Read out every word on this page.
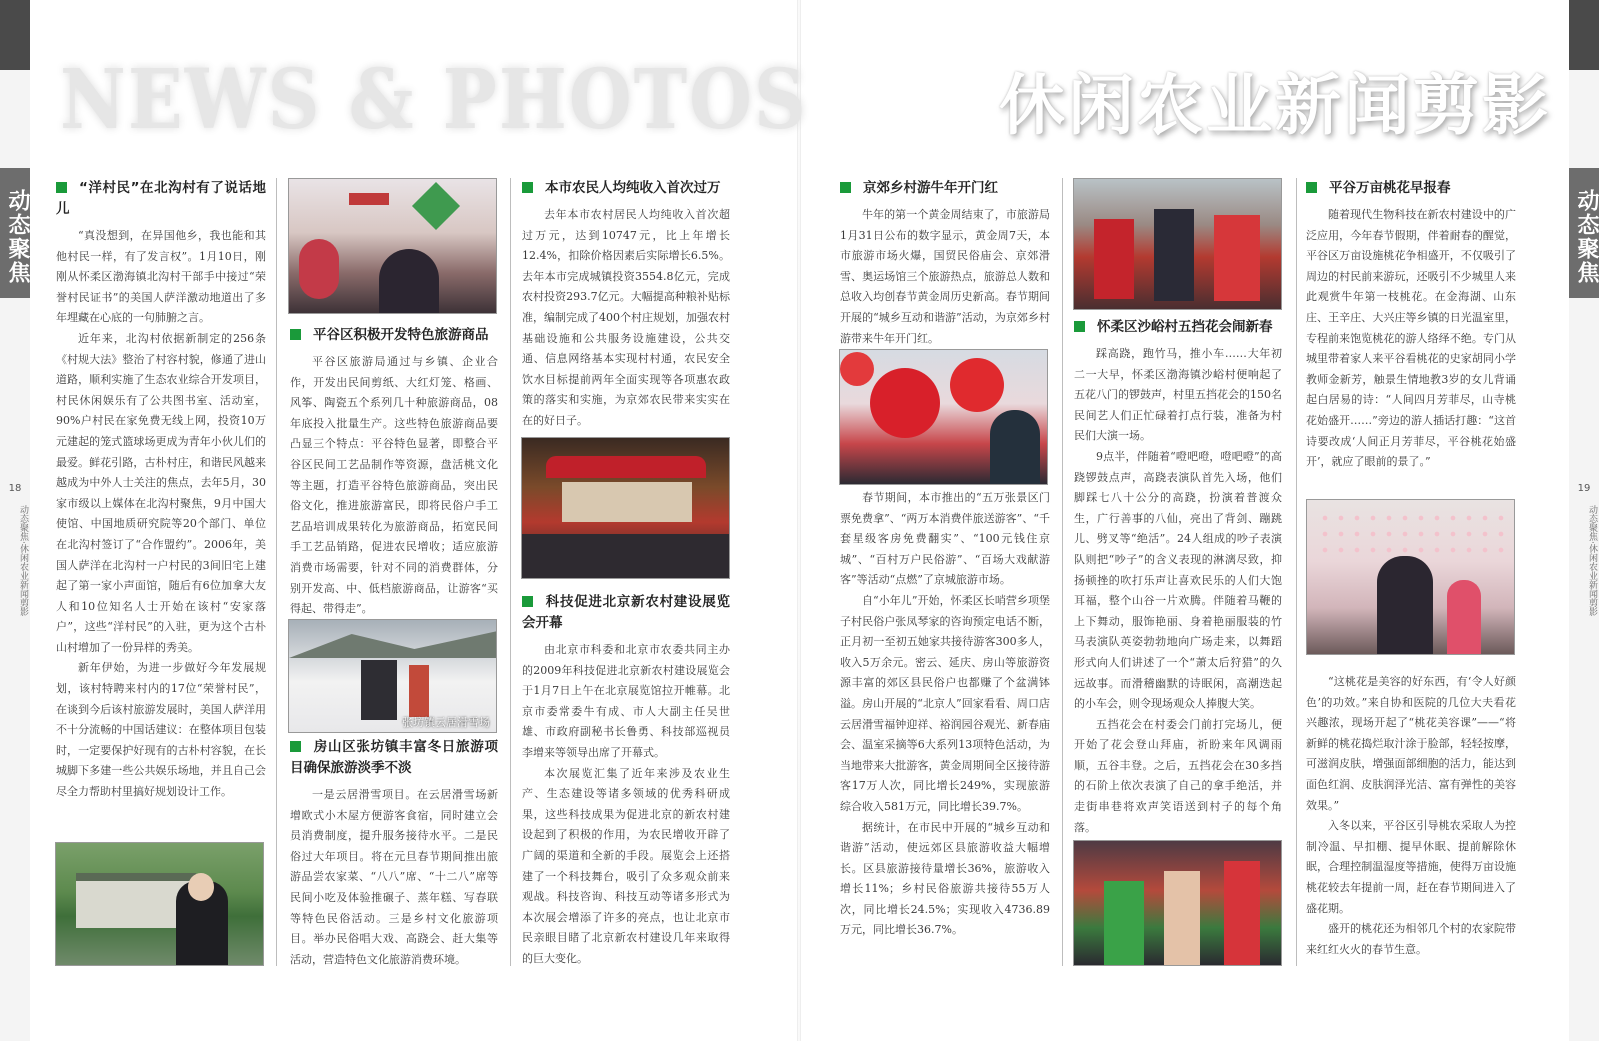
动态聚焦
18
动态聚焦·休闲农业新闻剪影
动态聚焦
19
动态聚焦·休闲农业新闻剪影
NEWS & PHOTOS	休闲农业新闻剪影
“洋村民”在北沟村有了说话地儿

“真没想到，在异国他乡，我也能和其他村民一样，有了发言权”。1月10日，刚刚从怀柔区渤海镇北沟村干部手中接过“荣誉村民证书”的美国人萨洋激动地道出了多年埋藏在心底的一句肺腑之言。

近年来，北沟村依据新制定的256条《村规大法》整治了村容村貌，修通了进山道路，顺利实施了生态农业综合开发项目，村民休闲娱乐有了公共图书室、活动室，90%户村民在家免费无线上网，投资10万元建起的笼式篮球场更成为青年小伙儿们的最爱。鲜花引路，古朴村庄，和谐民风越来越成为中外人士关注的焦点，去年5月，30家市级以上媒体在北沟村聚焦，9月中国大使馆、中国地质研究院等20个部门、单位在北沟村签订了“合作盟约”。2006年，美国人萨洋在北沟村一户村民的3间旧宅上建起了第一家小声面馆，随后有6位加拿大友人和10位知名人士开始在该村“安家落户”，这些“洋村民”的入驻，更为这个古朴山村增加了一份异样的秀美。

新年伊始，为进一步做好今年发展规划，该村特聘来村内的17位“荣誉村民”，在谈到今后该村旅游发展时，美国人萨洋用不十分流畅的中国话建议：在整体项目包装时，一定要保护好现有的古朴村容貌，在长城脚下多建一些公共娱乐场地，并且自己会尽全力帮助村里搞好规划设计工作。

平谷区积极开发特色旅游商品

平谷区旅游局通过与乡镇、企业合作，开发出民间剪纸、大红灯笼、格画、风筝、陶瓷五个系列几十种旅游商品，08年底投入批量生产。这些特色旅游商品要凸显三个特点：平谷特色显著，即整合平谷区民间工艺品制作等资源，盘活桃文化等主题，打造平谷特色旅游商品，突出民俗文化，推进旅游富民，即将民俗户手工艺品培训成果转化为旅游商品，拓宽民间手工艺品销路，促进农民增收；适应旅游消费市场需要，针对不同的消费群体，分别开发高、中、低档旅游商品，让游客“买得起、带得走”。

张坊镇云居滑雪场
房山区张坊镇丰富冬日旅游项目确保旅游淡季不淡

一是云居滑雪项目。在云居滑雪场新增欧式小木屋方便游客食宿，同时建立会员消费制度，提升服务接待水平。二是民俗过大年项目。将在元旦春节期间推出旅游品尝农家菜、“八八”席、“十二八”席等民间小吃及体验推碾子、蒸年糕、写春联等特色民俗活动。三是乡村文化旅游项目。举办民俗唱大戏、高跷会、赶大集等活动，营造特色文化旅游消费环境。

本市农民人均纯收入首次过万

去年本市农村居民人均纯收入首次超过万元，达到10747元，比上年增长12.4%，扣除价格因素后实际增长6.5%。去年本市完成城镇投资3554.8亿元，完成农村投资293.7亿元。大幅提高种粮补贴标准，编制完成了400个村庄规划，加强农村基础设施和公共服务设施建设，公共交通、信息网络基本实现村村通，农民安全饮水目标提前两年全面实现等各项惠农政策的落实和实施，为京郊农民带来实实在在的好日子。

科技促进北京新农村建设展览会开幕

由北京市科委和北京市农委共同主办的2009年科技促进北京新农村建设展览会于1月7日上午在北京展览馆拉开帷幕。北京市委常委牛有成、市人大副主任吴世雄、市政府副秘书长鲁勇、科技部巡视员李增来等领导出席了开幕式。

本次展览汇集了近年来涉及农业生产、生态建设等诸多领域的优秀科研成果，这些科技成果为促进北京的新农村建设起到了积极的作用，为农民增收开辟了广阔的渠道和全新的手段。展览会上还搭建了一个科技舞台，吸引了众多观众前来观战。科技咨询、科技互动等诸多形式为本次展会增添了许多的亮点，也让北京市民亲眼目睹了北京新农村建设几年来取得的巨大变化。

京郊乡村游牛年开门红

牛年的第一个黄金周结束了，市旅游局1月31日公布的数字显示，黄金周7天，本市旅游市场火爆，国贸民俗庙会、京郊滑雪、奥运场馆三个旅游热点，旅游总人数和总收入均创春节黄金周历史新高。春节期间开展的“城乡互动和谐游”活动，为京郊乡村游带来牛年开门红。

春节期间，本市推出的“五万张景区门票免费拿”、“两万本消费伴旅送游客”、“千套星级客房免费翻实”、“100元钱住京城”、“百村万户民俗游”、“百场大戏献游客”等活动“点燃”了京城旅游市场。

自“小年儿”开始，怀柔区长哨营乡项堡子村民俗户张凤琴家的咨询预定电话不断，正月初一至初五她家共接待游客300多人，收入5万余元。密云、延庆、房山等旅游资源丰富的郊区县民俗户也都赚了个盆满钵溢。房山开展的“北京人”回家看看、周口店云居滑雪福钟迎祥、裕润园谷观光、新春庙会、温室采摘等6大系列13项特色活动，为当地带来大批游客，黄金周期间全区接待游客17万人次，同比增长249%，实现旅游综合收入581万元，同比增长39.7%。

据统计，在市民中开展的“城乡互动和谐游”活动，使远郊区县旅游收益大幅增长。区县旅游接待量增长36%，旅游收入增长11%；乡村民俗旅游共接待55万人次，同比增长24.5%；实现收入4736.89万元，同比增长36.7%。

怀柔区沙峪村五挡花会闹新春

踩高跷，跑竹马，推小车……大年初二一大早，怀柔区渤海镇沙峪村便响起了五花八门的锣鼓声，村里五挡花会的150名民间艺人们正忙碌着打点行装，准备为村民们大演一场。

9点半，伴随着“噔吧噔，噔吧噔”的高跷锣鼓点声，高跷表演队首先入场，他们脚踩七八十公分的高跷，扮演着普渡众生，广行善事的八仙，亮出了背剑、蹦跳儿、劈叉等“绝活”。24人组成的吵子表演队则把“吵子”的含义表现的淋漓尽致，抑扬顿挫的吹打乐声让喜欢民乐的人们大饱耳福，整个山谷一片欢腾。伴随着马鞭的上下舞动，服饰艳丽、身着艳丽服装的竹马表演队英姿勃勃地向广场走来，以舞蹈形式向人们讲述了一个“萧太后狩猎”的久远故事。而滑稽幽默的诗眠闲，高潮迭起的小车会，则令现场观众人捧腹大笑。

五挡花会在村委会门前打完场儿，便开始了花会登山拜庙，祈盼来年风调雨顺，五谷丰登。之后，五挡花会在30多挡的石阶上依次表演了自己的拿手绝活，并走街串巷将欢声笑语送到村子的每个角落。

平谷万亩桃花早报春

随着现代生物科技在新农村建设中的广泛应用，今年春节假期，伴着耐春的醒觉，平谷区万亩设施桃花争相盛开，不仅吸引了周边的村民前来游玩，还吸引不少城里人来此观赏牛年第一枝桃花。在金海湖、山东庄、王辛庄、大兴庄等乡镇的日光温室里，专程前来饱览桃花的游人络绎不绝。专门从城里带着家人来平谷看桃花的史家胡同小学教师金新芳，触景生情地教3岁的女儿背诵起白居易的诗：“人间四月芳菲尽，山寺桃花始盛开……”旁边的游人插话打趣：“这首诗要改成‘人间正月芳菲尽，平谷桃花始盛开’，就应了眼前的景了。”

“这桃花是美容的好东西，有‘令人好颜色’的功效。”来自协和医院的几位大夫看花兴趣浓，现场开起了“桃花美容课”——“将新鲜的桃花捣烂取汁涂于脸部，轻轻按摩，可滋润皮肤，增强面部细胞的活力，能达到面色红润、皮肤润泽光洁、富有弹性的美容效果。”

入冬以来，平谷区引导桃农采取人为控制冷温、早扣棚、提早休眠、提前解除休眠，合理控制温湿度等措施，使得万亩设施桃花较去年提前一周，赶在春节期间进入了盛花期。

盛开的桃花还为相邻几个村的农家院带来红红火火的春节生意。
